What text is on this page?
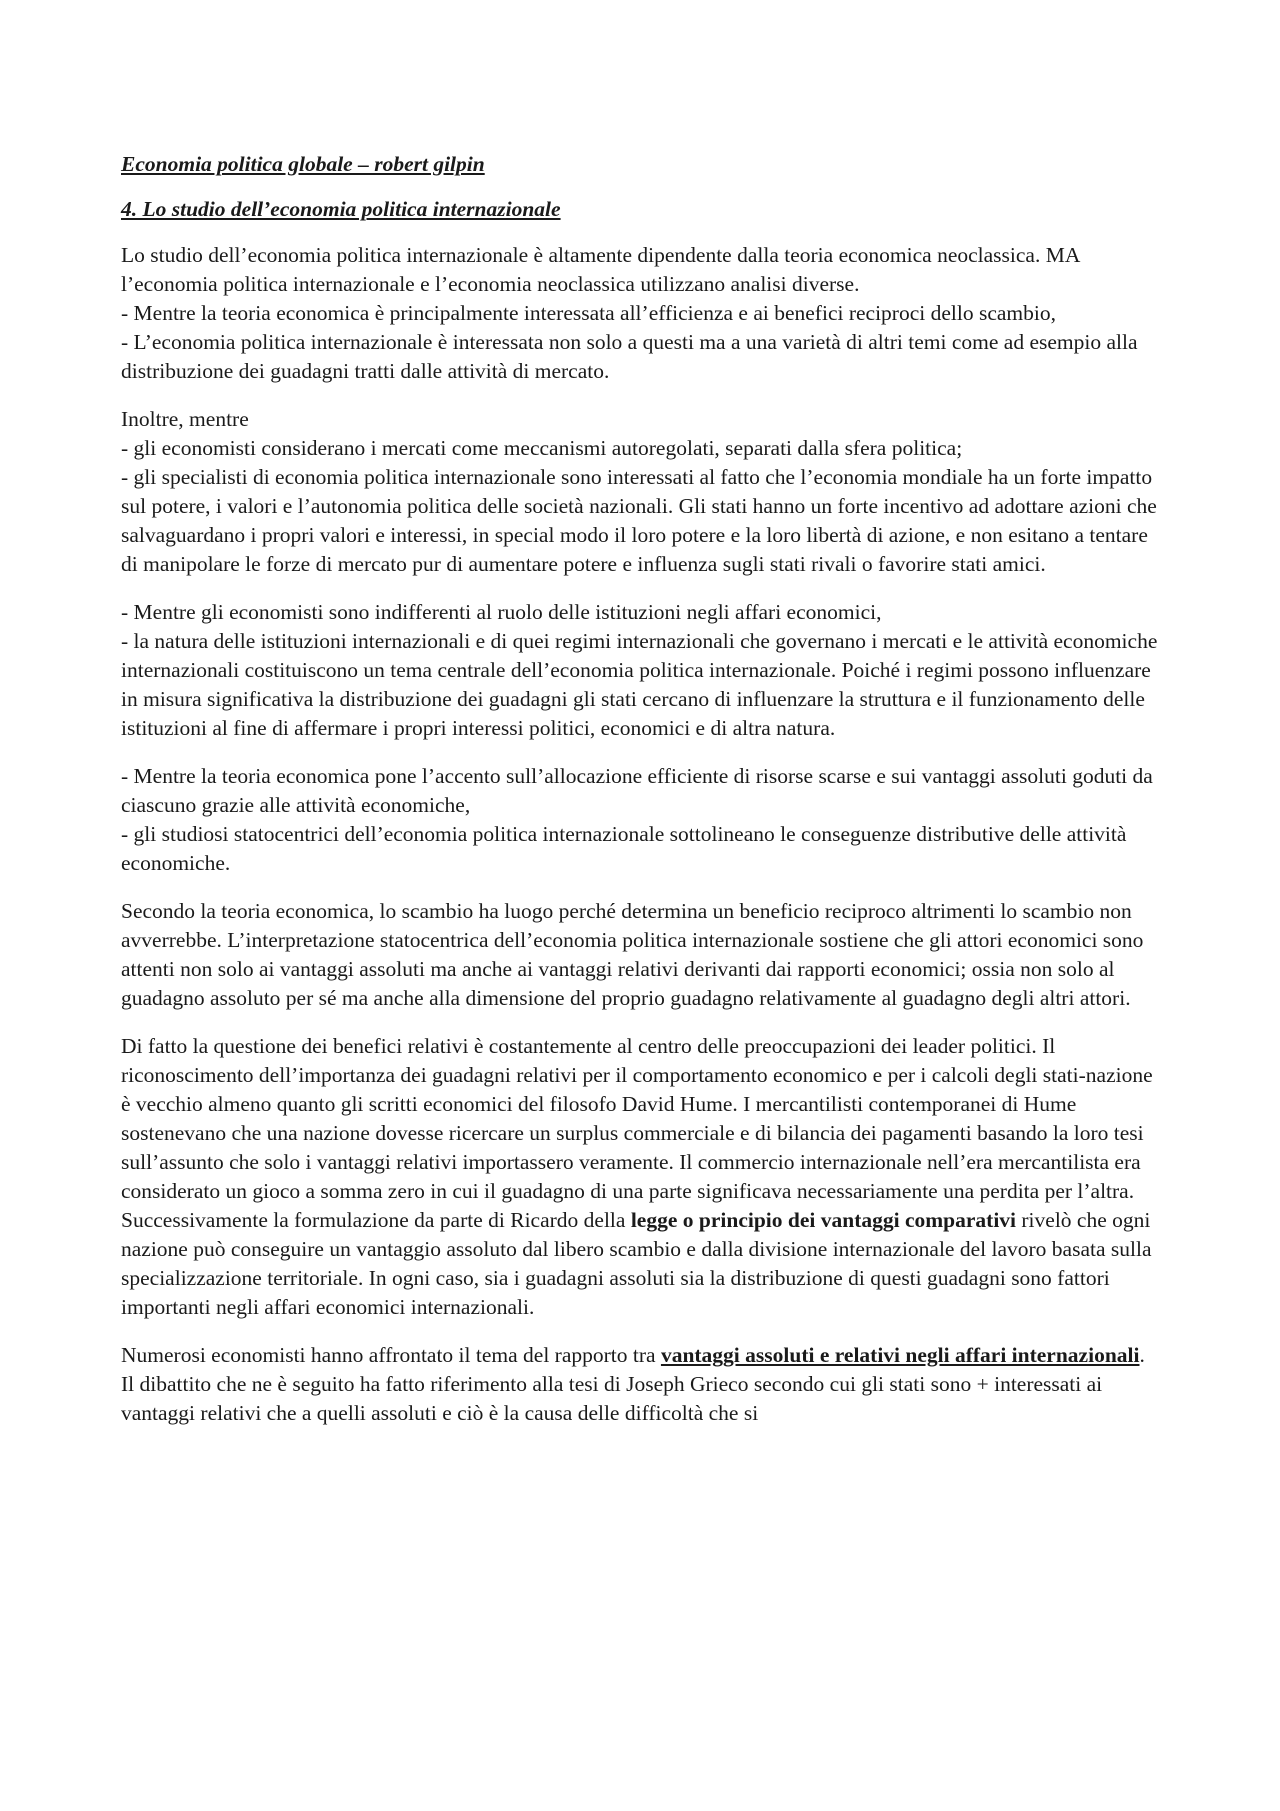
Economia politica globale – robert gilpin
4. Lo studio dell’economia politica internazionale

Lo studio dell’economia politica internazionale è altamente dipendente dalla teoria economica neoclassica. MA l’economia politica internazionale e l’economia neoclassica utilizzano analisi diverse.
- Mentre la teoria economica è principalmente interessata all’efficienza e ai benefici reciproci dello scambio,
- L’economia politica internazionale è interessata non solo a questi ma a una varietà di altri temi come ad esempio alla distribuzione dei guadagni tratti dalle attività di mercato.

Inoltre, mentre
- gli economisti considerano i mercati come meccanismi autoregolati, separati dalla sfera politica;
- gli specialisti di economia politica internazionale sono interessati al fatto che l’economia mondiale ha un forte impatto sul potere, i valori e l’autonomia politica delle società nazionali. Gli stati hanno un forte incentivo ad adottare azioni che salvaguardano i propri valori e interessi, in special modo il loro potere e la loro libertà di azione, e non esitano a tentare di manipolare le forze di mercato pur di aumentare potere e influenza sugli stati rivali o favorire stati amici.

- Mentre gli economisti sono indifferenti al ruolo delle istituzioni negli affari economici,
- la natura delle istituzioni internazionali e di quei regimi internazionali che governano i mercati e le attività economiche internazionali costituiscono un tema centrale dell’economia politica internazionale. Poiché i regimi possono influenzare in misura significativa la distribuzione dei guadagni gli stati cercano di influenzare la struttura e il funzionamento delle istituzioni al fine di affermare i propri interessi politici, economici e di altra natura.

- Mentre la teoria economica pone l’accento sull’allocazione efficiente di risorse scarse e sui vantaggi assoluti goduti da ciascuno grazie alle attività economiche,
- gli studiosi statocentrici dell’economia politica internazionale sottolineano le conseguenze distributive delle attività economiche.

Secondo la teoria economica, lo scambio ha luogo perché determina un beneficio reciproco altrimenti lo scambio non avverrebbe. L’interpretazione statocentrica dell’economia politica internazionale sostiene che gli attori economici sono attenti non solo ai vantaggi assoluti ma anche ai vantaggi relativi derivanti dai rapporti economici; ossia non solo al guadagno assoluto per sé ma anche alla dimensione del proprio guadagno relativamente al guadagno degli altri attori.

Di fatto la questione dei benefici relativi è costantemente al centro delle preoccupazioni dei leader politici. Il riconoscimento dell’importanza dei guadagni relativi per il comportamento economico e per i calcoli degli stati-nazione è vecchio almeno quanto gli scritti economici del filosofo David Hume. I mercantilisti contemporanei di Hume sostenevano che una nazione dovesse ricercare un surplus commerciale e di bilancia dei pagamenti basando la loro tesi sull’assunto che solo i vantaggi relativi importassero veramente. Il commercio internazionale nell’era mercantilista era considerato un gioco a somma zero in cui il guadagno di una parte significava necessariamente una perdita per l’altra. Successivamente la formulazione da parte di Ricardo della legge o principio dei vantaggi comparativi rivelò che ogni nazione può conseguire un vantaggio assoluto dal libero scambio e dalla divisione internazionale del lavoro basata sulla specializzazione territoriale. In ogni caso, sia i guadagni assoluti sia la distribuzione di questi guadagni sono fattori importanti negli affari economici internazionali.

Numerosi economisti hanno affrontato il tema del rapporto tra vantaggi assoluti e relativi negli affari internazionali.
Il dibattito che ne è seguito ha fatto riferimento alla tesi di Joseph Grieco secondo cui gli stati sono + interessati ai vantaggi relativi che a quelli assoluti e ciò è la causa delle difficoltà che si
